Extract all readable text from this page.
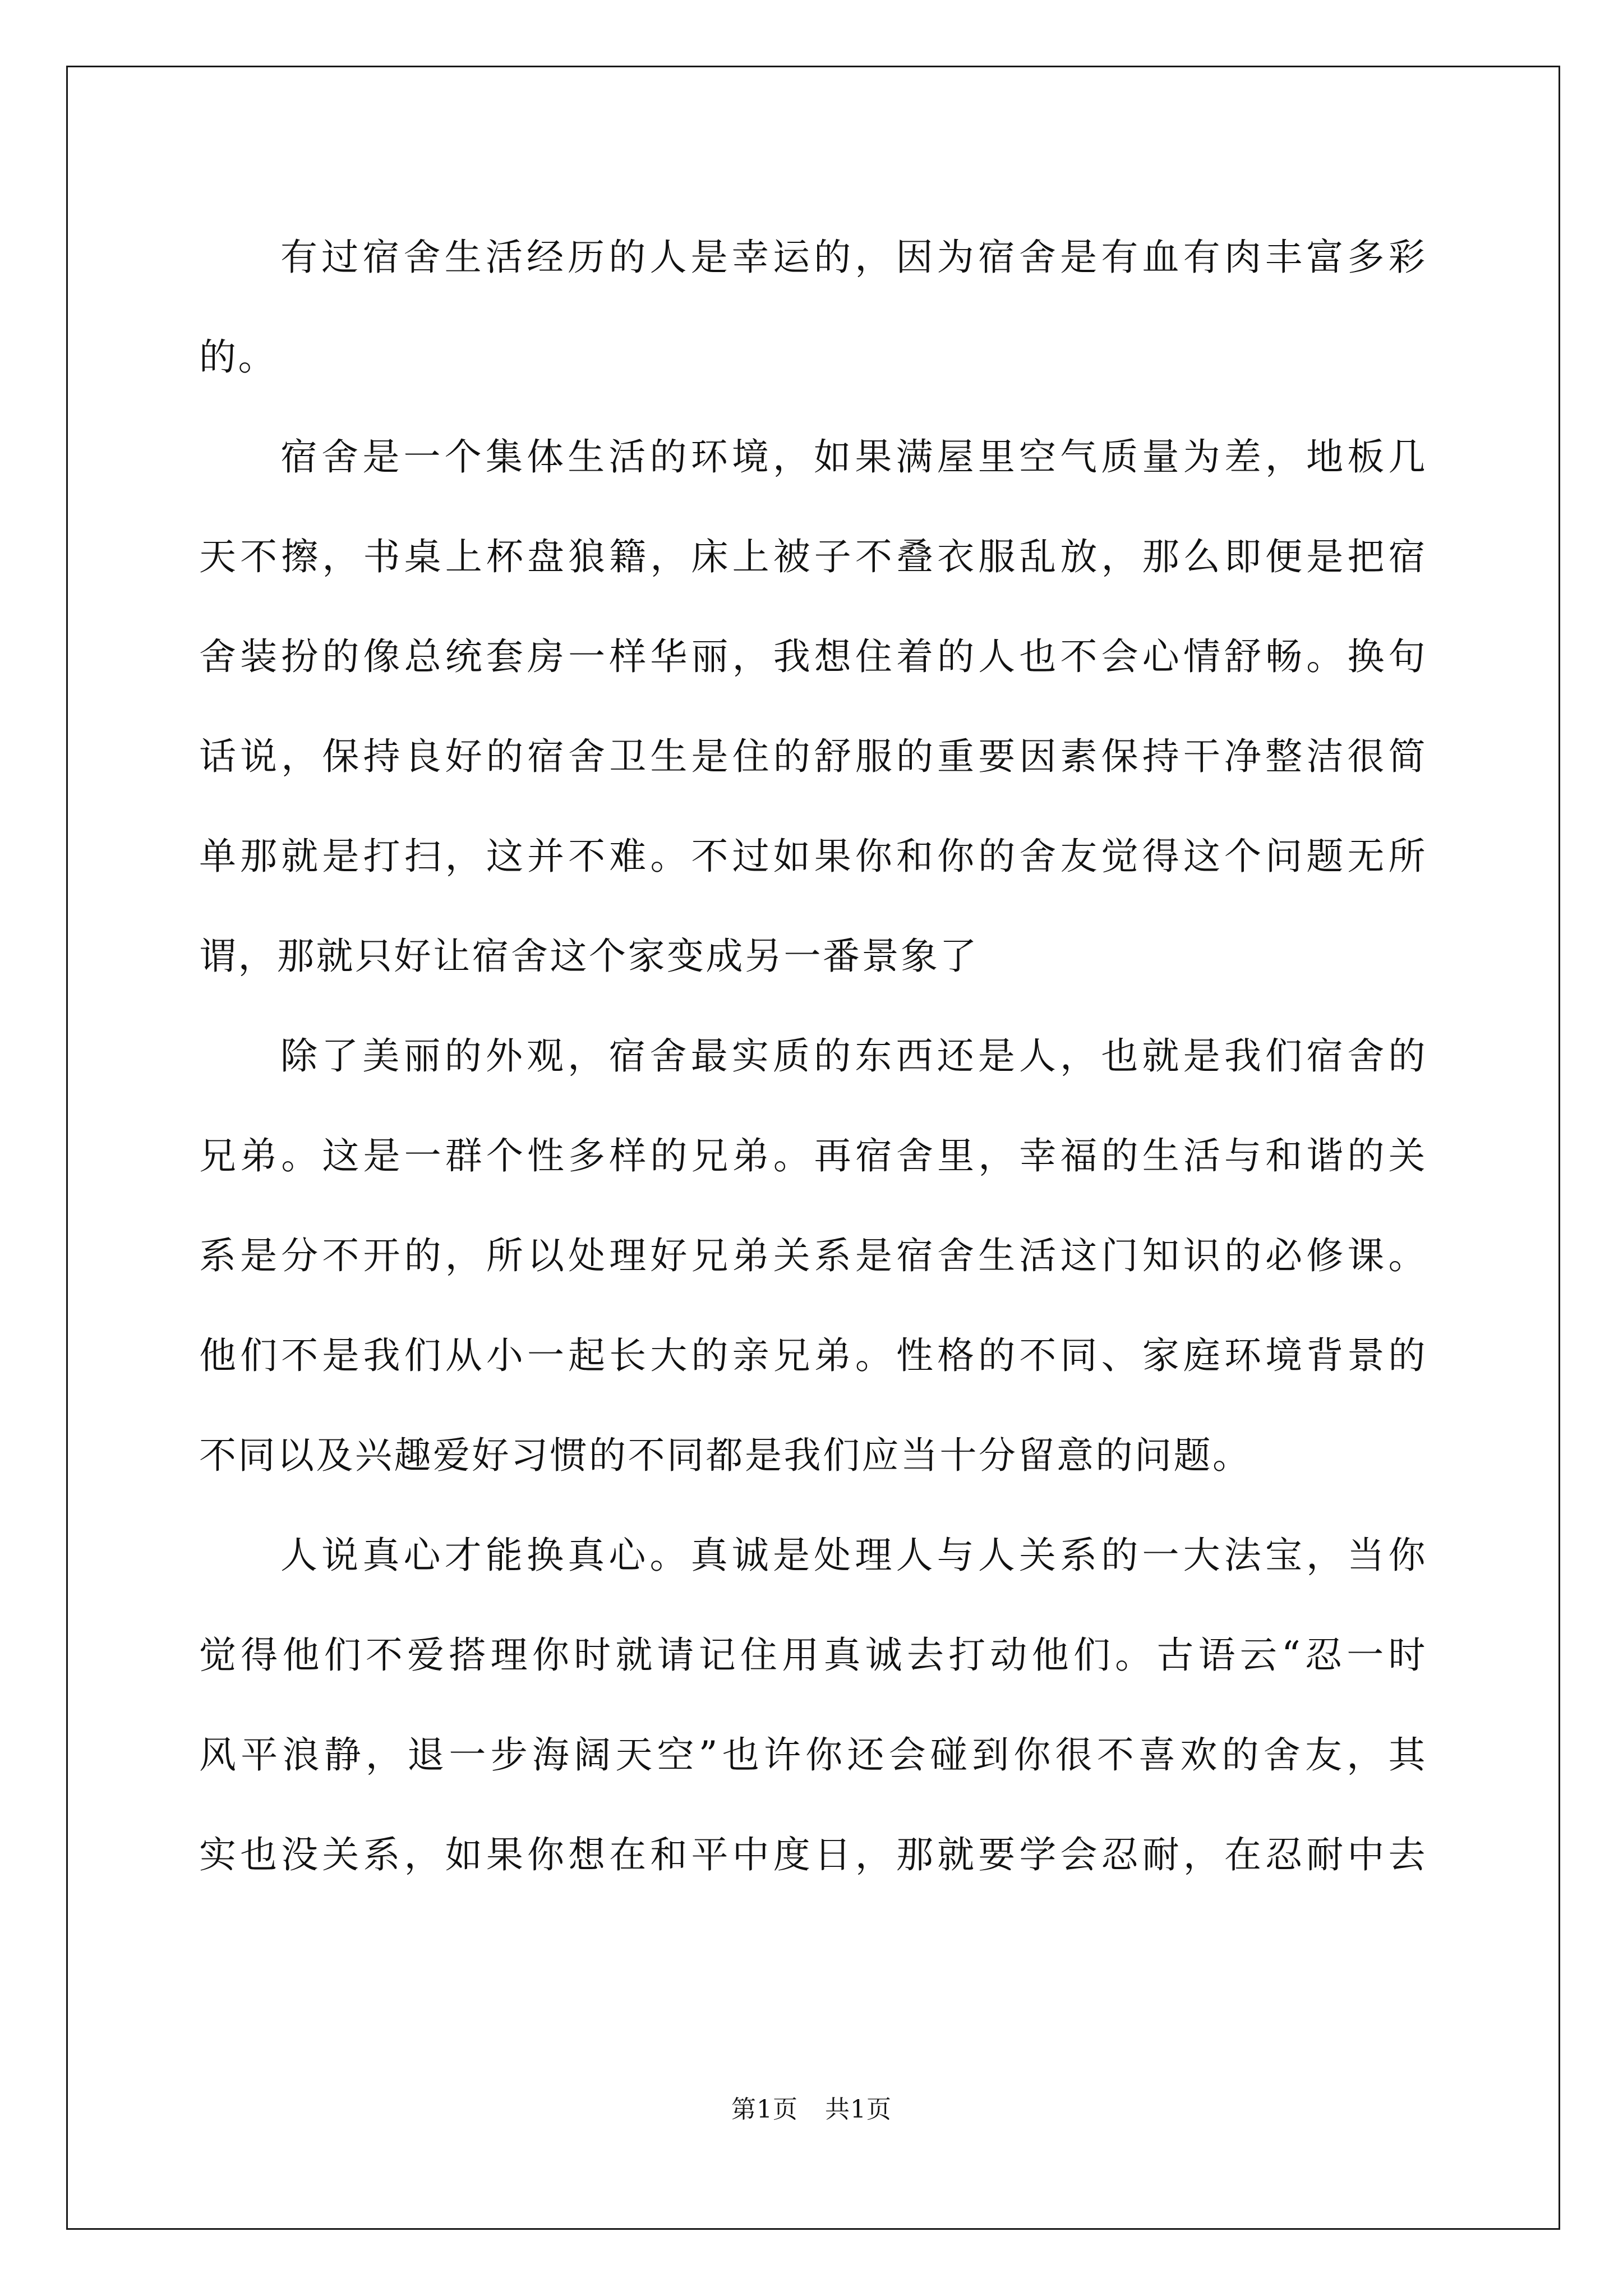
有过宿舍生活经历的人是幸运的，因为宿舍是有血有肉丰富多彩
的。
宿舍是一个集体生活的环境，如果满屋里空气质量为差，地板几
天不擦，书桌上杯盘狼籍，床上被子不叠衣服乱放，那么即便是把宿
舍装扮的像总统套房一样华丽，我想住着的人也不会心情舒畅。换句
话说，保持良好的宿舍卫生是住的舒服的重要因素保持干净整洁很简
单那就是打扫，这并不难。不过如果你和你的舍友觉得这个问题无所
谓，那就只好让宿舍这个家变成另一番景象了
除了美丽的外观，宿舍最实质的东西还是人，也就是我们宿舍的
兄弟。这是一群个性多样的兄弟。再宿舍里，幸福的生活与和谐的关
系是分不开的，所以处理好兄弟关系是宿舍生活这门知识的必修课。
他们不是我们从小一起长大的亲兄弟。性格的不同、家庭环境背景的
不同以及兴趣爱好习惯的不同都是我们应当十分留意的问题。
人说真心才能换真心。真诚是处理人与人关系的一大法宝，当你
觉得他们不爱搭理你时就请记住用真诚去打动他们。古语云“忍一时
风平浪静，退一步海阔天空”也许你还会碰到你很不喜欢的舍友，其
实也没关系，如果你想在和平中度日，那就要学会忍耐，在忍耐中去
第1页 共1页
